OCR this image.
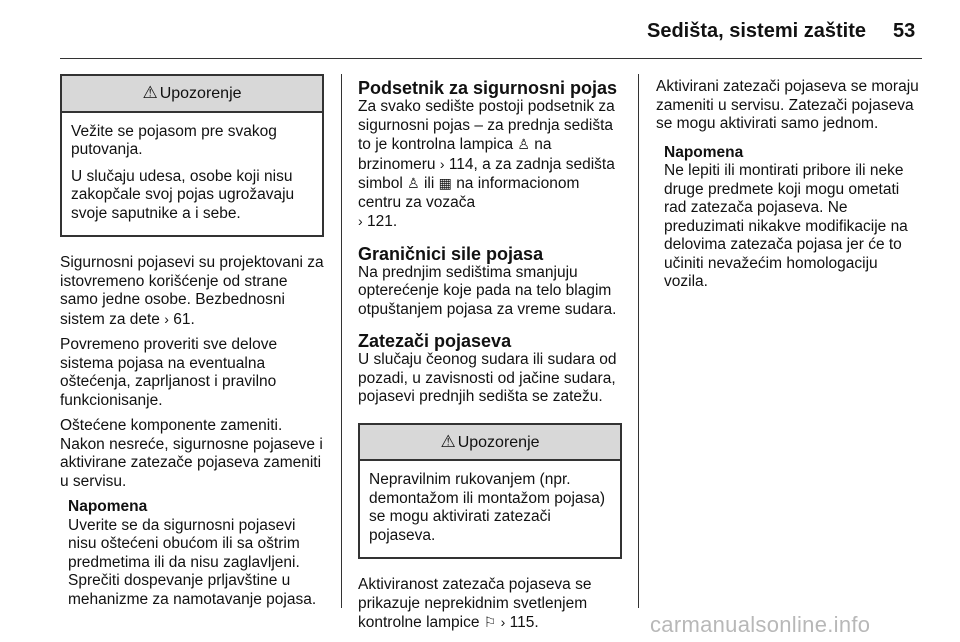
Sedišta, sistemi zaštite 53
⚠ Upozorenje

Vežite se pojasom pre svakog putovanja.

U slučaju udesa, osobe koji nisu zakopčale svoj pojas ugrožavaju svoje saputnike a i sebe.

Sigurnosni pojasevi su projektovani za istovremeno korišćenje od strane samo jedne osobe. Bezbednosni sistem za dete › 61.

Povremeno proveriti sve delove sistema pojasa na eventualna oštećenja, zaprljanost i pravilno funkcionisanje.

Oštećene komponente zameniti. Nakon nesreće, sigurnosne pojaseve i aktivirane zatezače pojaseva zameniti u servisu.

Napomena
Uverite se da sigurnosni pojasevi nisu oštećeni obućom ili sa oštrim predmetima ili da nisu zaglavljeni. Sprečiti dospevanje prljavštine u mehanizme za namotavanje pojasa.
Podsetnik za sigurnosni pojas

Za svako sedište postoji podsetnik za sigurnosni pojas – za prednja sedišta to je kontrolna lampica ♙ na brzinomeru › 114, a za zadnja sedišta simbol ♙ ili ▦ na informacionom centru za vozača
› 121.

Graničnici sile pojasa

Na prednjim sedištima smanjuju opterećenje koje pada na telo blagim otpuštanjem pojasa za vreme sudara.

Zatezači pojaseva

U slučaju čeonog sudara ili sudara od pozadi, u zavisnosti od jačine sudara, pojasevi prednjih sedišta se zatežu.

⚠ Upozorenje

Nepravilnim rukovanjem (npr. demontažom ili montažom pojasa) se mogu aktivirati zatezači pojaseva.

Aktiviranost zatezača pojaseva se prikazuje neprekidnim svetlenjem kontrolne lampice ⚐ › 115.

Aktivirani zatezači pojaseva se moraju zameniti u servisu. Zatezači pojaseva se mogu aktivirati samo jednom.

Napomena
Ne lepiti ili montirati pribore ili neke druge predmete koji mogu ometati rad zatezača pojaseva. Ne preduzimati nikakve modifikacije na delovima zatezača pojasa jer će to učiniti nevažećim homologaciju vozila.
carmanualsonline.info
